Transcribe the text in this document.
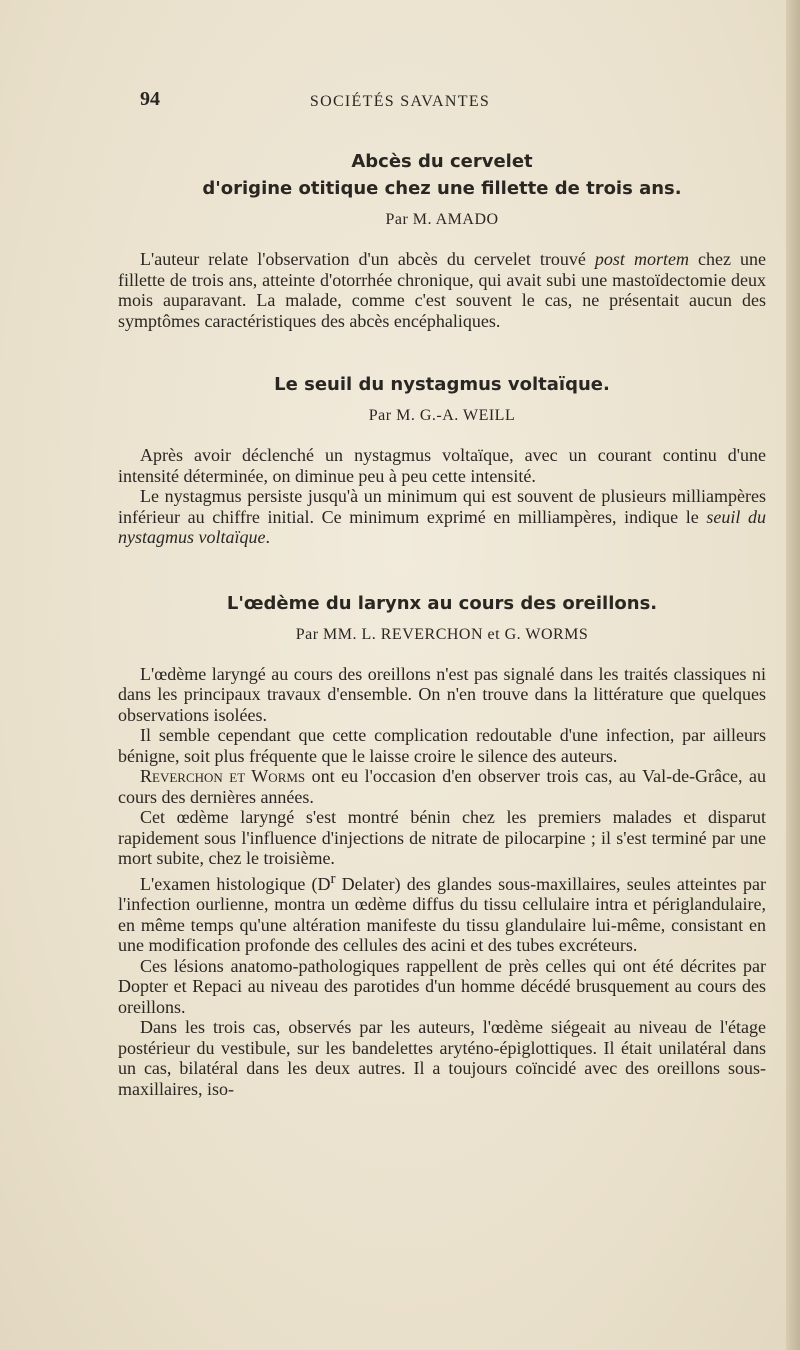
94	SOCIÉTÉS SAVANTES
Abcès du cervelet
d'origine otitique chez une fillette de trois ans.
Par M. AMADO

L'auteur relate l'observation d'un abcès du cervelet trouvé post mortem chez une fillette de trois ans, atteinte d'otorrhée chronique, qui avait subi une mastoïdectomie deux mois auparavant. La malade, comme c'est souvent le cas, ne présentait aucun des symptômes caractéristiques des abcès encéphaliques.

Le seuil du nystagmus voltaïque.
Par M. G.-A. WEILL

Après avoir déclenché un nystagmus voltaïque, avec un courant continu d'une intensité déterminée, on diminue peu à peu cette intensité.

Le nystagmus persiste jusqu'à un minimum qui est souvent de plusieurs milliampères inférieur au chiffre initial. Ce minimum exprimé en milliampères, indique le seuil du nystagmus voltaïque.

L'œdème du larynx au cours des oreillons.
Par MM. L. REVERCHON et G. WORMS

L'œdème laryngé au cours des oreillons n'est pas signalé dans les traités classiques ni dans les principaux travaux d'ensemble. On n'en trouve dans la littérature que quelques observations isolées.

Il semble cependant que cette complication redoutable d'une infection, par ailleurs bénigne, soit plus fréquente que le laisse croire le silence des auteurs.

Reverchon et Worms ont eu l'occasion d'en observer trois cas, au Val-de-Grâce, au cours des dernières années.

Cet œdème laryngé s'est montré bénin chez les premiers malades et disparut rapidement sous l'influence d'injections de nitrate de pilocarpine ; il s'est terminé par une mort subite, chez le troisième.

L'examen histologique ($D^r$ Delater) des glandes sous-maxillaires, seules atteintes par l'infection ourlienne, montra un œdème diffus du tissu cellulaire intra et périglandulaire, en même temps qu'une altération manifeste du tissu glandulaire lui-même, consistant en une modification profonde des cellules des acini et des tubes excréteurs.

Ces lésions anatomo-pathologiques rappellent de près celles qui ont été décrites par Dopter et Repaci au niveau des parotides d'un homme décédé brusquement au cours des oreillons.

Dans les trois cas, observés par les auteurs, l'œdème siégeait au niveau de l'étage postérieur du vestibule, sur les bandelettes aryténo-épiglottiques. Il était unilatéral dans un cas, bilatéral dans les deux autres. Il a toujours coïncidé avec des oreillons sous-maxillaires, iso-
